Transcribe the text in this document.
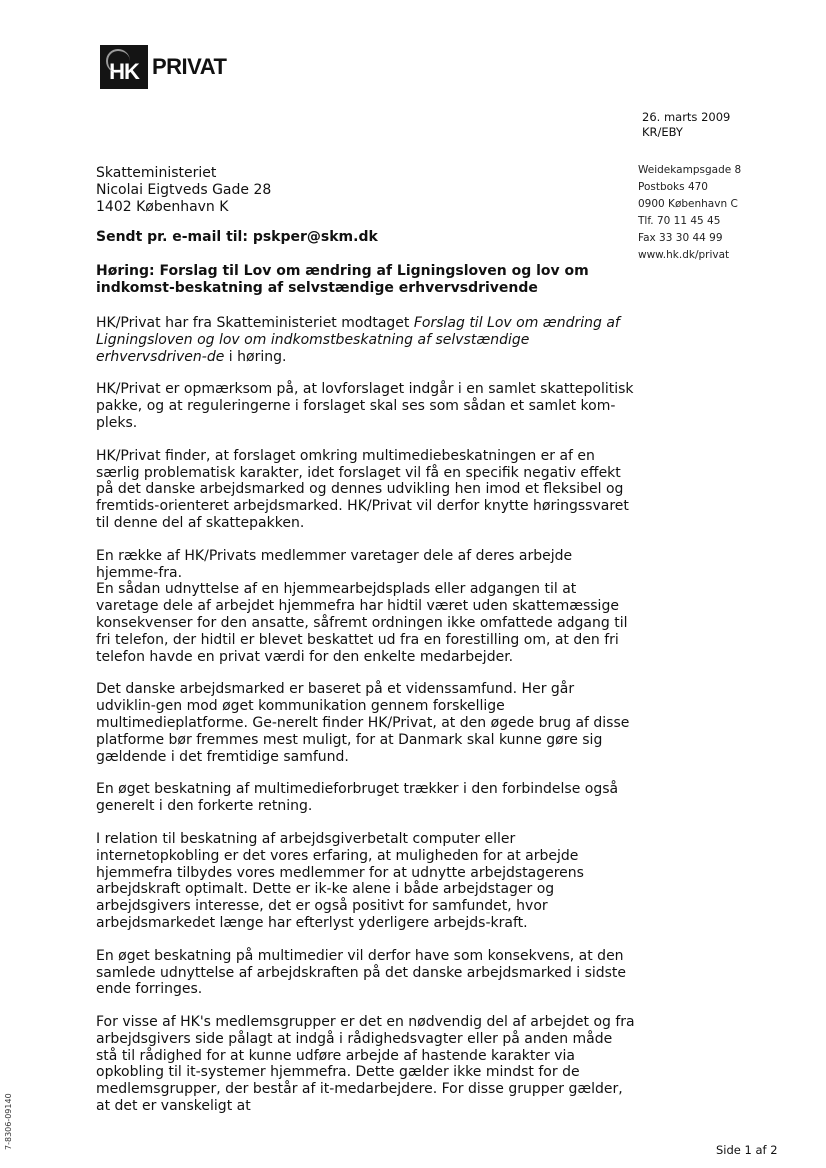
HK PRIVAT
26. marts 2009
KR/EBY
Weidekampsgade 8
Postboks 470
0900 København C
Tlf. 70 11 45 45
Fax 33 30 44 99
www.hk.dk/privat
Skatteministeriet
Nicolai Eigtveds Gade 28
1402 København K
Sendt pr. e-mail til: pskper@skm.dk
Høring: Forslag til Lov om ændring af Ligningsloven og lov om indkomst-beskatning af selvstændige erhvervsdrivende

HK/Privat har fra Skatteministeriet modtaget Forslag til Lov om ændring af Ligningsloven og lov om indkomstbeskatning af selvstændige erhvervsdriven-de i høring.

HK/Privat er opmærksom på, at lovforslaget indgår i en samlet skattepolitisk pakke, og at reguleringerne i forslaget skal ses som sådan et samlet kom-pleks.

HK/Privat finder, at forslaget omkring multimediebeskatningen er af en særlig problematisk karakter, idet forslaget vil få en specifik negativ effekt på det danske arbejdsmarked og dennes udvikling hen imod et fleksibel og fremtids-orienteret arbejdsmarked. HK/Privat vil derfor knytte høringssvaret til denne del af skattepakken.

En række af HK/Privats medlemmer varetager dele af deres arbejde hjemme-fra.

En sådan udnyttelse af en hjemmearbejdsplads eller adgangen til at varetage dele af arbejdet hjemmefra har hidtil været uden skattemæssige konsekvenser for den ansatte, såfremt ordningen ikke omfattede adgang til fri telefon, der hidtil er blevet beskattet ud fra en forestilling om, at den fri telefon havde en privat værdi for den enkelte medarbejder.

Det danske arbejdsmarked er baseret på et videnssamfund. Her går udviklin-gen mod øget kommunikation gennem forskellige multimedieplatforme. Ge-nerelt finder HK/Privat, at den øgede brug af disse platforme bør fremmes mest muligt, for at Danmark skal kunne gøre sig gældende i det fremtidige samfund.

En øget beskatning af multimedieforbruget trækker i den forbindelse også generelt i den forkerte retning.

I relation til beskatning af arbejdsgiverbetalt computer eller internetopkobling er det vores erfaring, at muligheden for at arbejde hjemmefra tilbydes vores medlemmer for at udnytte arbejdstagerens arbejdskraft optimalt. Dette er ik-ke alene i både arbejdstager og arbejdsgivers interesse, det er også positivt for samfundet, hvor arbejdsmarkedet længe har efterlyst yderligere arbejds-kraft.

En øget beskatning på multimedier vil derfor have som konsekvens, at den samlede udnyttelse af arbejdskraften på det danske arbejdsmarked i sidste ende forringes.

For visse af HK's medlemsgrupper er det en nødvendig del af arbejdet og fra arbejdsgivers side pålagt at indgå i rådighedsvagter eller på anden måde stå til rådighed for at kunne udføre arbejde af hastende karakter via opkobling til it-systemer hjemmefra. Dette gælder ikke mindst for de medlemsgrupper, der består af it-medarbejdere. For disse grupper gælder, at det er vanskeligt at

7-8306-09140	Side 1 af 2
